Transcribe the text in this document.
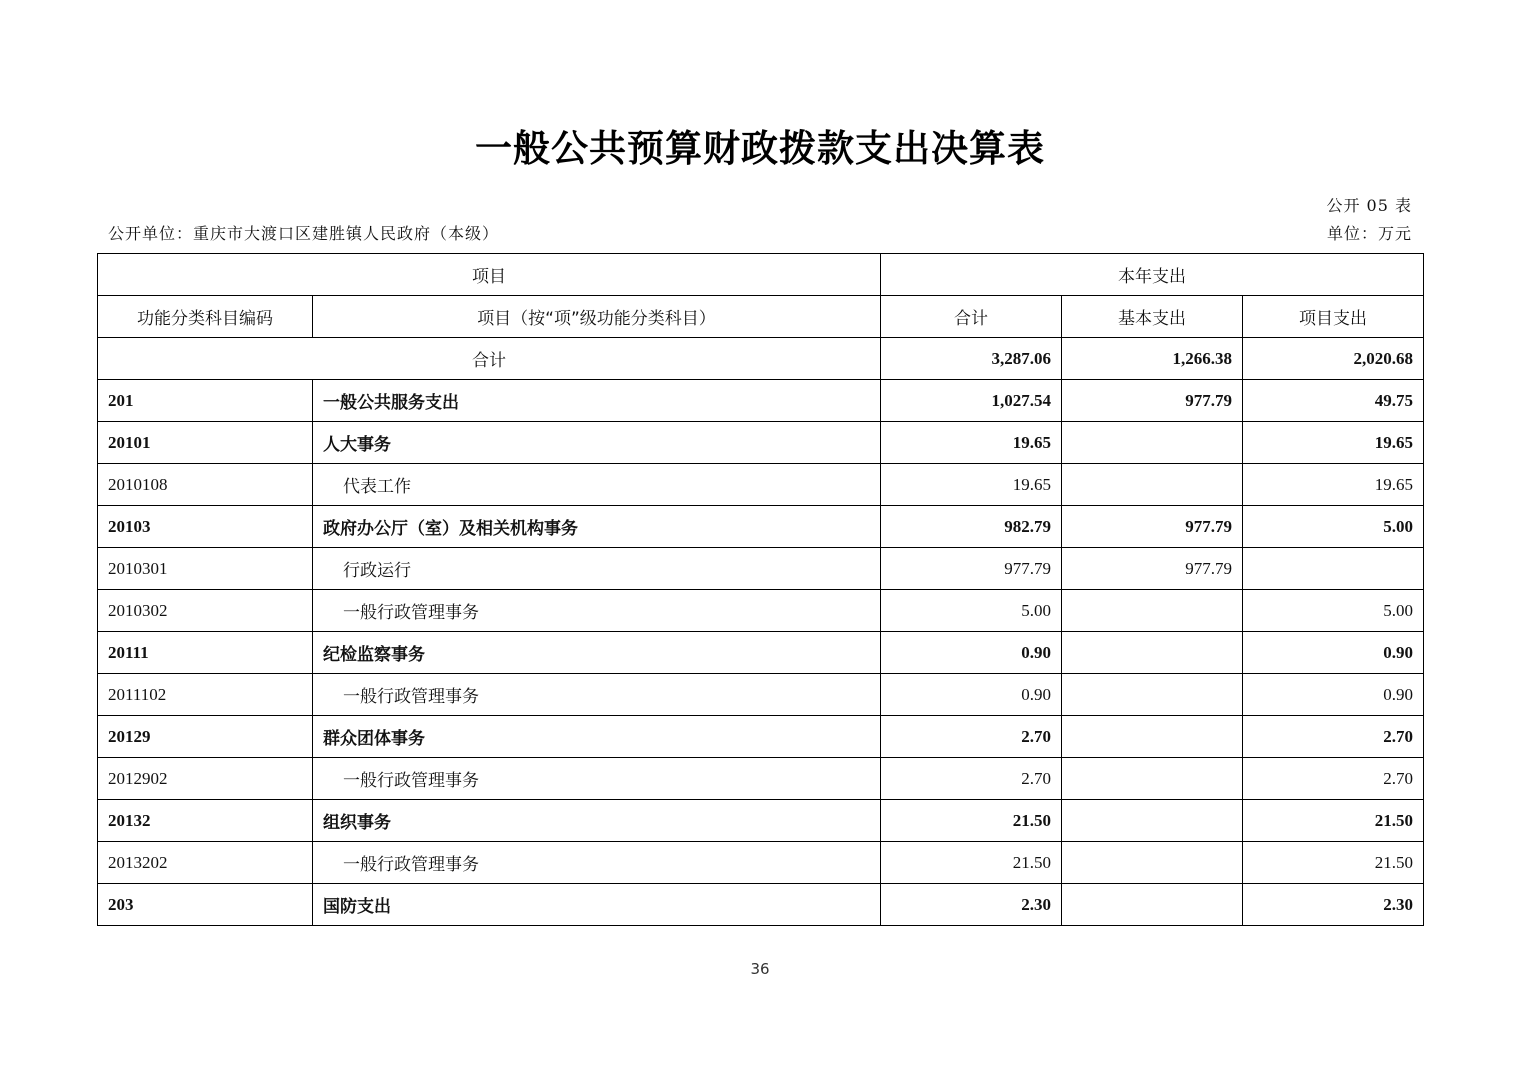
一般公共预算财政拨款支出决算表
公开 05 表
公开单位：重庆市大渡口区建胜镇人民政府（本级）	单位：万元
项目		本年支出		
功能分类科目编码	项目（按“项”级功能分类科目）	合计	基本支出	项目支出
合计		3,287.06	1,266.38	2,020.68
201	一般公共服务支出	1,027.54	977.79	49.75
20101	人大事务	19.65		19.65
2010108	代表工作	19.65		19.65
20103	政府办公厅（室）及相关机构事务	982.79	977.79	5.00
2010301	行政运行	977.79	977.79	
2010302	一般行政管理事务	5.00		5.00
20111	纪检监察事务	0.90		0.90
2011102	一般行政管理事务	0.90		0.90
20129	群众团体事务	2.70		2.70
2012902	一般行政管理事务	2.70		2.70
20132	组织事务	21.50		21.50
2013202	一般行政管理事务	21.50		21.50
203	国防支出	2.30		2.30
36
